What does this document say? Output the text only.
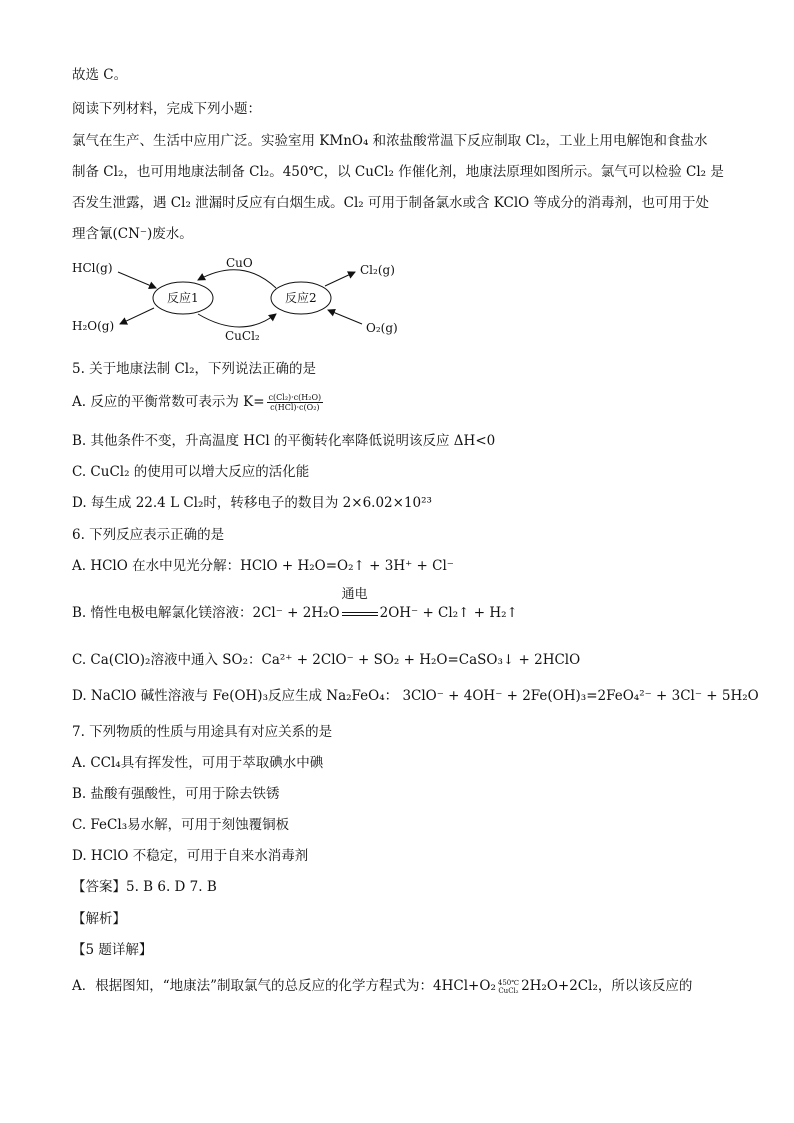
故选 C。
阅读下列材料，完成下列小题：
氯气在生产、生活中应用广泛。实验室用 KMnO₄ 和浓盐酸常温下反应制取 Cl₂，工业上用电解饱和食盐水
制备 Cl₂，也可用地康法制备 Cl₂。450℃，以 CuCl₂ 作催化剂，地康法原理如图所示。氯气可以检验 Cl₂ 是
否发生泄露，遇 Cl₂ 泄漏时反应有白烟生成。Cl₂ 可用于制备氯水或含 KClO 等成分的消毒剂，也可用于处
理含氰(CN⁻)废水。
HCl(g)
H₂O(g)
反应1	反应2
CuO
CuCl₂
Cl₂(g)
O₂(g)
5. 关于地康法制 Cl₂，下列说法正确的是
A. 反应的平衡常数可表示为 $K= \frac{\text{c(Cl₂)·c(H₂O)}}{\text{c(HCl)·c(O₂)}}$
B. 其他条件不变，升高温度 HCl 的平衡转化率降低说明该反应 ΔH<0
C. CuCl₂ 的使用可以增大反应的活化能
D. 每生成 22.4 L Cl₂时，转移电子的数目为 2×6.02×10²³
6. 下列反应表示正确的是
A. HClO 在水中见光分解：HClO + H₂O=O₂↑ + 3H⁺ + Cl⁻
B. 惰性电极电解氯化镁溶液：2Cl⁻ + 2H₂O
通电
2OH⁻ + Cl₂↑ + H₂↑
C. Ca(ClO)₂溶液中通入 SO₂：Ca²⁺ + 2ClO⁻ + SO₂ + H₂O=CaSO₃↓ + 2HClO
D. NaClO 碱性溶液与 Fe(OH)₃反应生成 Na₂FeO₄： 3ClO⁻ + 4OH⁻ + 2Fe(OH)₃=2FeO₄²⁻ + 3Cl⁻ + 5H₂O
7. 下列物质的性质与用途具有对应关系的是
A. CCl₄具有挥发性，可用于萃取碘水中碘
B. 盐酸有强酸性，可用于除去铁锈
C. FeCl₃易水解，可用于刻蚀覆铜板
D. HClO 不稳定，可用于自来水消毒剂
【答案】5. B 6. D 7. B
【解析】
【5 题详解】
A．根据图知，“地康法”制取氯气的总反应的化学方程式为：4HCl+O₂ 450℃
CuCl₂ 2H₂O+2Cl₂，所以该反应的
